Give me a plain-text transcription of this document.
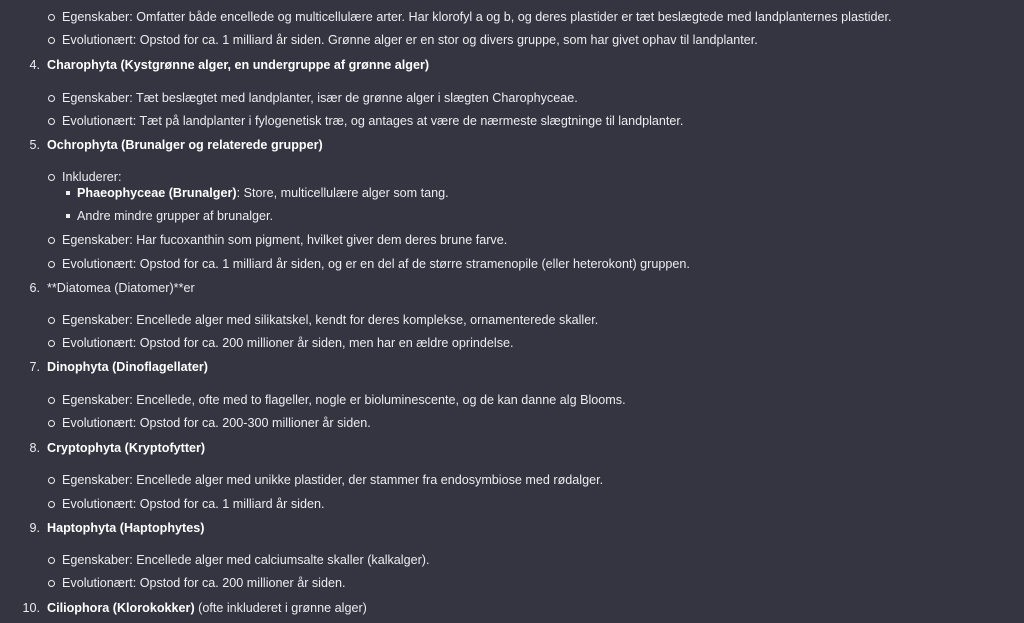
Egenskaber: Omfatter både encellede og multicellulære arter. Har klorofyl a og b, og deres plastider er tæt beslægtede med landplanternes plastider.
Evolutionært: Opstod for ca. 1 milliard år siden. Grønne alger er en stor og divers gruppe, som har givet ophav til landplanter.
4. Charophyta (Kystgrønne alger, en undergruppe af grønne alger)
Egenskaber: Tæt beslægtet med landplanter, især de grønne alger i slægten Charophyceae.
Evolutionært: Tæt på landplanter i fylogenetisk træ, og antages at være de nærmeste slægtninge til landplanter.
5. Ochrophyta (Brunalger og relaterede grupper)
Inkluderer:
Phaeophyceae (Brunalger): Store, multicellulære alger som tang.
Andre mindre grupper af brunalger.
Egenskaber: Har fucoxanthin som pigment, hvilket giver dem deres brune farve.
Evolutionært: Opstod for ca. 1 milliard år siden, og er en del af de større stramenopile (eller heterokont) gruppen.
6. **Diatomea (Diatomer)**er
Egenskaber: Encellede alger med silikatskel, kendt for deres komplekse, ornamenterede skaller.
Evolutionært: Opstod for ca. 200 millioner år siden, men har en ældre oprindelse.
7. Dinophyta (Dinoflagellater)
Egenskaber: Encellede, ofte med to flageller, nogle er bioluminescente, og de kan danne alg Blooms.
Evolutionært: Opstod for ca. 200-300 millioner år siden.
8. Cryptophyta (Kryptofytter)
Egenskaber: Encellede alger med unikke plastider, der stammer fra endosymbiose med rødalger.
Evolutionært: Opstod for ca. 1 milliard år siden.
9. Haptophyta (Haptophytes)
Egenskaber: Encellede alger med calciumsalte skaller (kalkalger).
Evolutionært: Opstod for ca. 200 millioner år siden.
10. Ciliophora (Klorokokker) (ofte inkluderet i grønne alger)
